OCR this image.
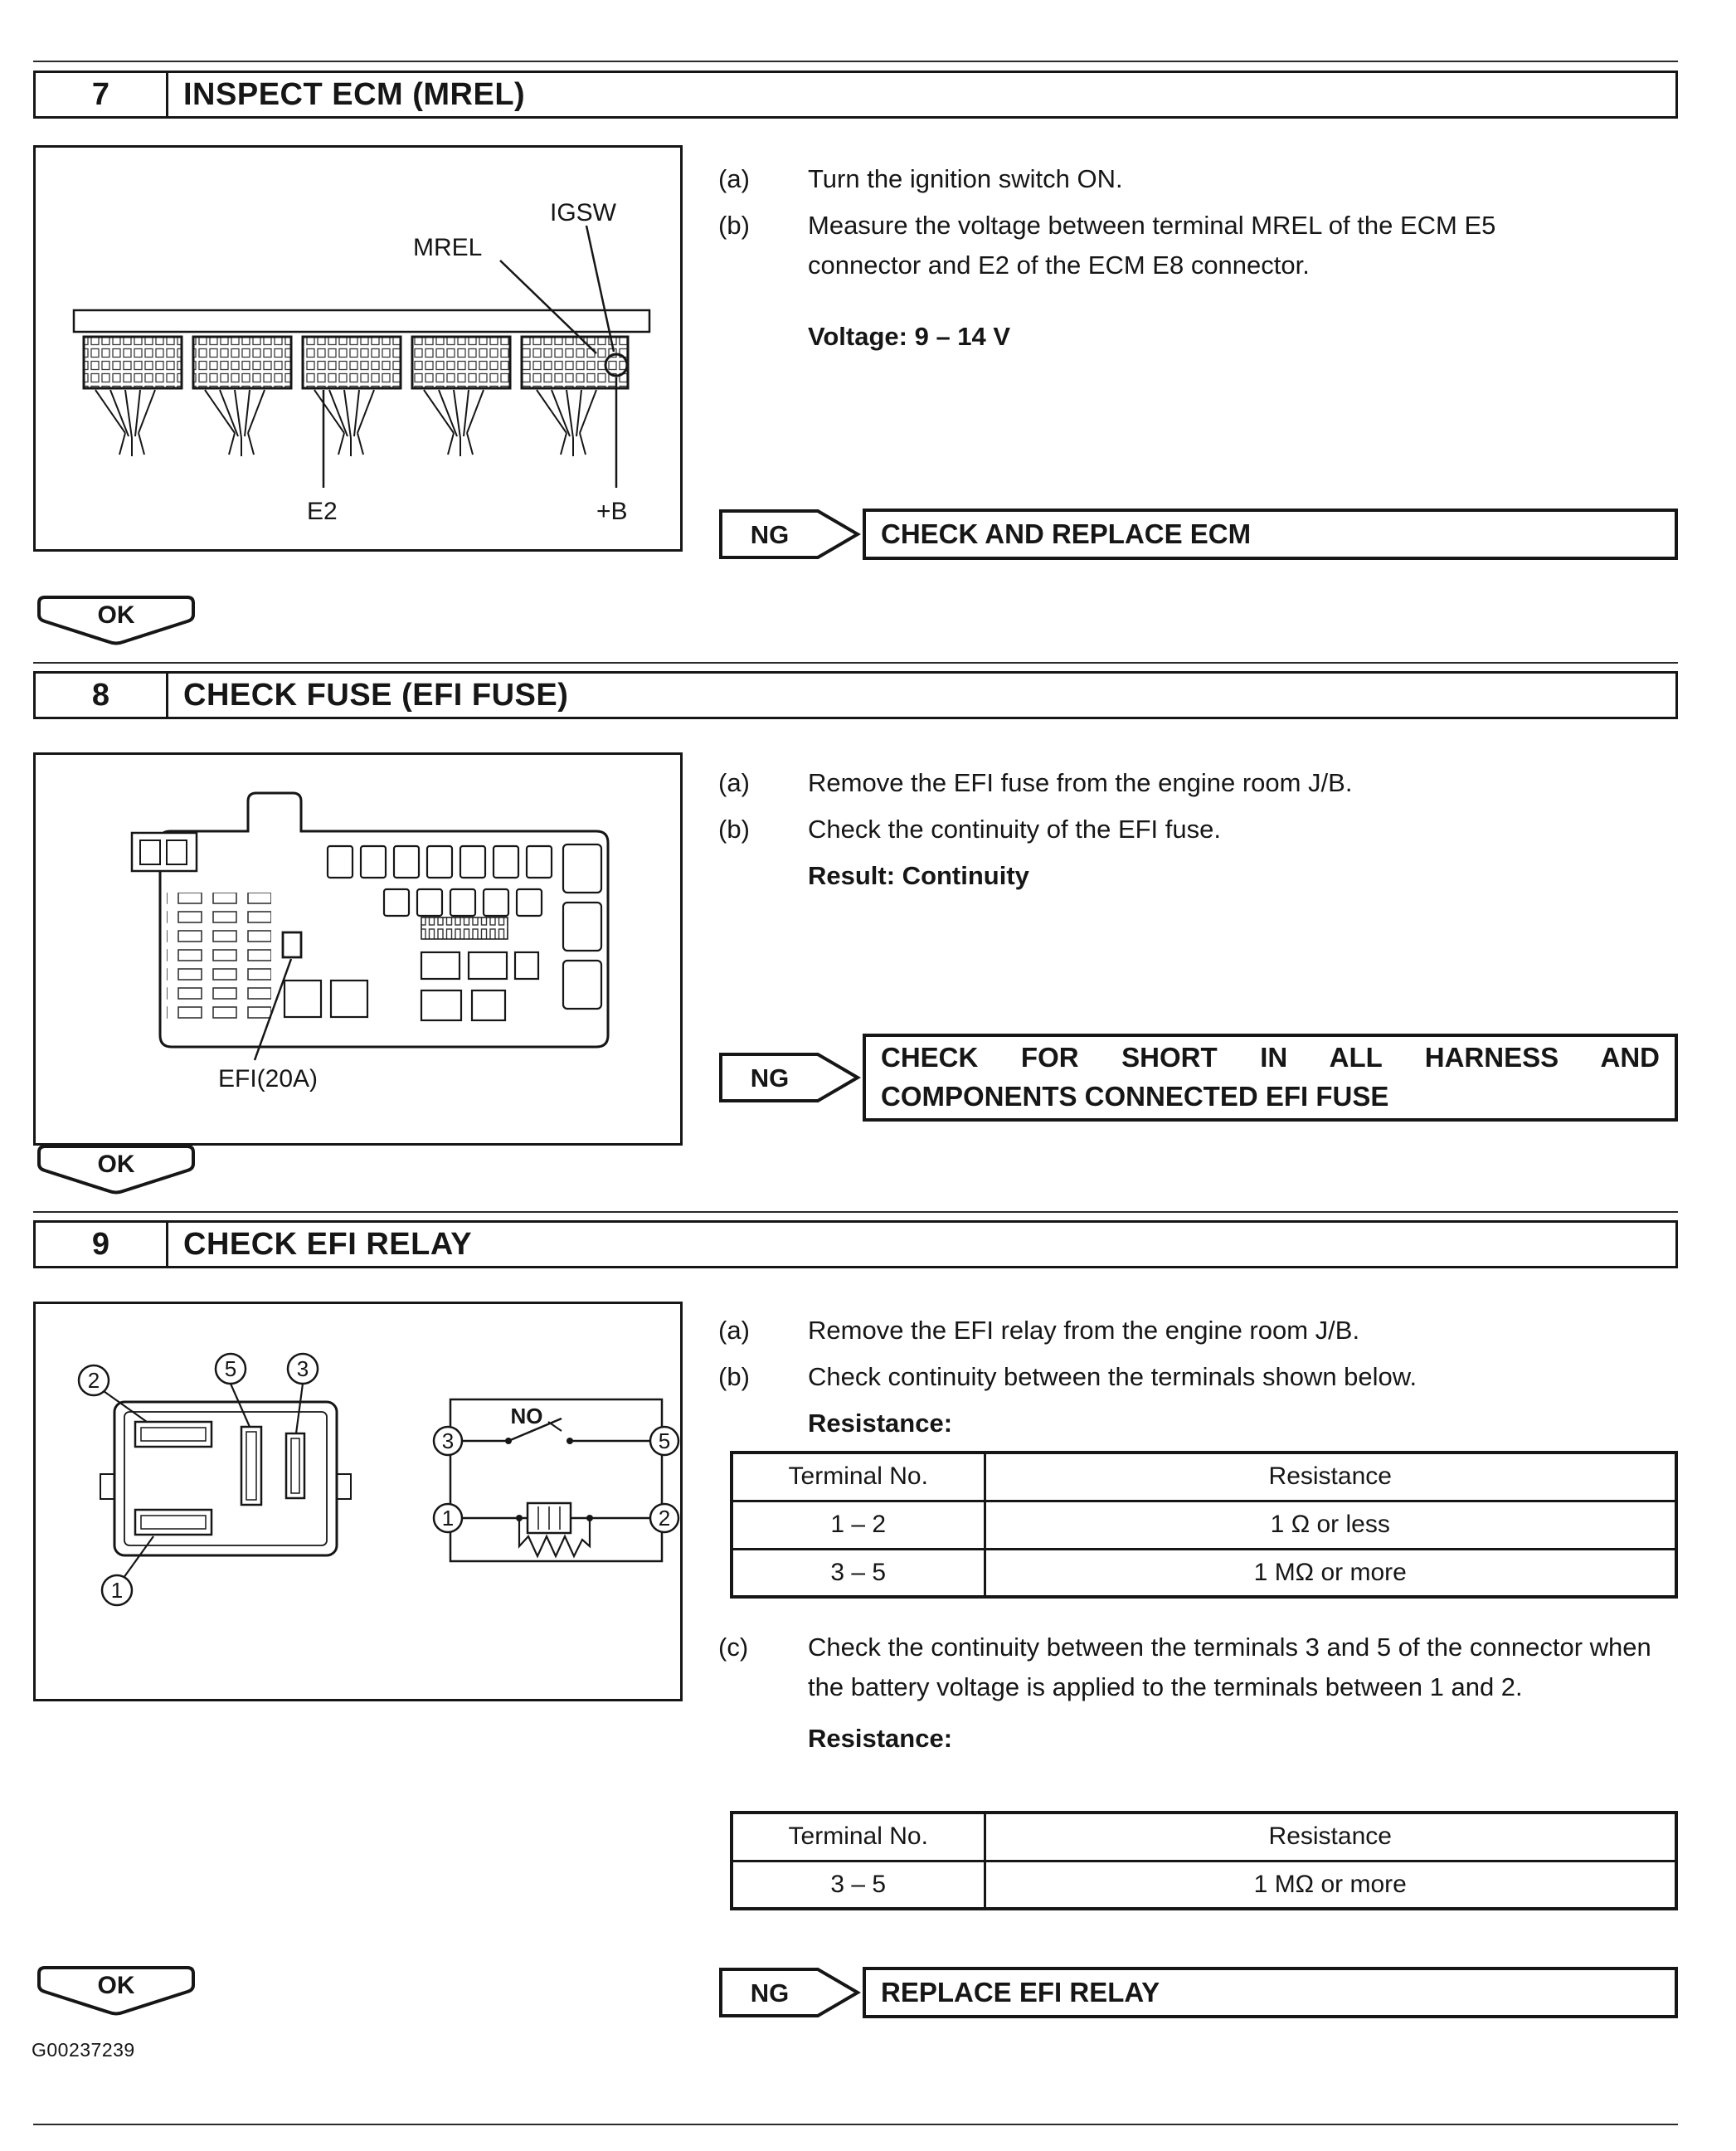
7	INSPECT ECM (MREL)
MREL
IGSW
E2	+B
(a)	Turn the ignition switch ON.
(b)	Measure the voltage between terminal MREL of the ECM E5 connector and E2 of the ECM E8 connector.
Voltage: 9 – 14 V
NG	CHECK AND REPLACE ECM
OK
8	CHECK FUSE (EFI FUSE)
EFI(20A)
(a)	Remove the EFI fuse from the engine room J/B.
(b)	Check the continuity of the EFI fuse.
Result: Continuity
NG
CHECK FOR SHORT IN ALL HARNESS AND
COMPONENTS CONNECTED EFI FUSE
OK
9	CHECK EFI RELAY
2	5	3
1
3	5
1	2
NO
(a)	Remove the EFI relay from the engine room J/B.
(b)	Check continuity between the terminals shown below.
Resistance:
Terminal No.	Resistance
1 – 2	1 Ω or less
3 – 5	1 MΩ or more
(c)	Check the continuity between the terminals 3 and 5 of the connector when the battery voltage is applied to the terminals between 1 and 2.
Resistance:
Terminal No.	Resistance
3 – 5	1 MΩ or more
NG	REPLACE EFI RELAY
OK
G00237239
